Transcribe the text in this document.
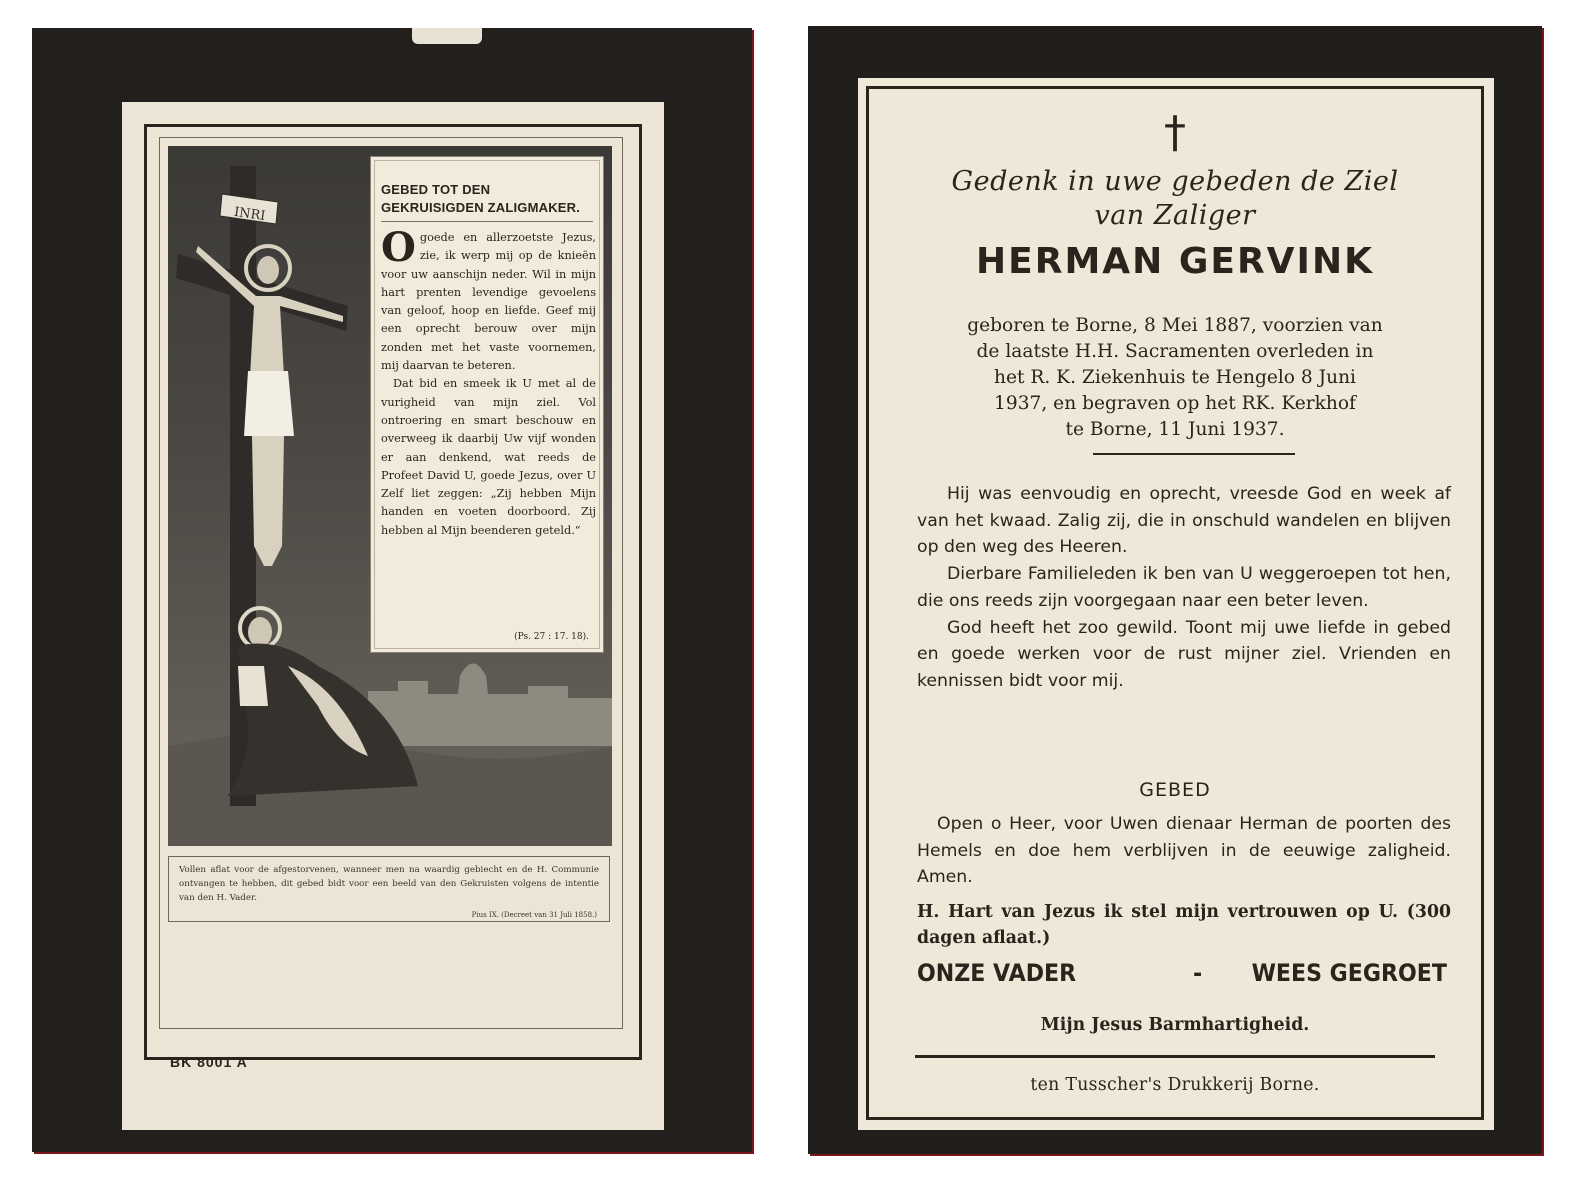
INRI
GEBED TOT DEN GEKRUISIGDEN ZALIGMAKER.
O goede en allerzoetste Jezus, zie, ik werp mij op de knieën voor uw aanschijn neder. Wil in mijn hart prenten levendige gevoelens van geloof, hoop en liefde. Geef mij een oprecht berouw over mijn zonden met het vaste voornemen, mij daarvan te beteren.

Dat bid en smeek ik U met al de vurigheid van mijn ziel. Vol ontroering en smart beschouw en overweeg ik daarbij Uw vijf wonden er aan denkend, wat reeds de Profeet David U, goede Jezus, over U Zelf liet zeggen: „Zij hebben Mijn handen en voeten doorboord. Zij hebben al Mijn beenderen geteld.“

(Ps. 27 : 17. 18).
Vollen aflat voor de afgestorvenen, wanneer men na waardig gebiecht en de H. Communie ontvangen te hebben, dit gebed bidt voor een beeld van den Gekruisten volgens de intentie van den H. Vader.
Pius IX. (Decreet van 31 Juli 1858.)
BK 8001 A
†
Gedenk in uwe gebeden de Ziel
van Zaliger
HERMAN GERVINK
geboren te Borne, 8 Mei 1887, voorzien van
de laatste H.H. Sacramenten overleden in
het R. K. Ziekenhuis te Hengelo 8 Juni
1937, en begraven op het RK. Kerkhof
te Borne, 11 Juni 1937.

Hij was eenvoudig en oprecht, vreesde God en week af van het kwaad. Zalig zij, die in onschuld wandelen en blijven op den weg des Heeren.

Dierbare Familieleden ik ben van U weggeroepen tot hen, die ons reeds zijn voorgegaan naar een beter leven.

God heeft het zoo gewild. Toont mij uwe liefde in gebed en goede werken voor de rust mijner ziel. Vrienden en kennissen bidt voor mij.

GEBED

Open o Heer, voor Uwen dienaar Herman de poorten des Hemels en doe hem verblijven in de eeuwige zaligheid. Amen.

H. Hart van Jezus ik stel mijn vertrouwen op U. (300 dagen aflaat.)
ONZE VADER	- WEES GEGROET
Mijn Jesus Barmhartigheid.
ten Tusscher's Drukkerij Borne.
